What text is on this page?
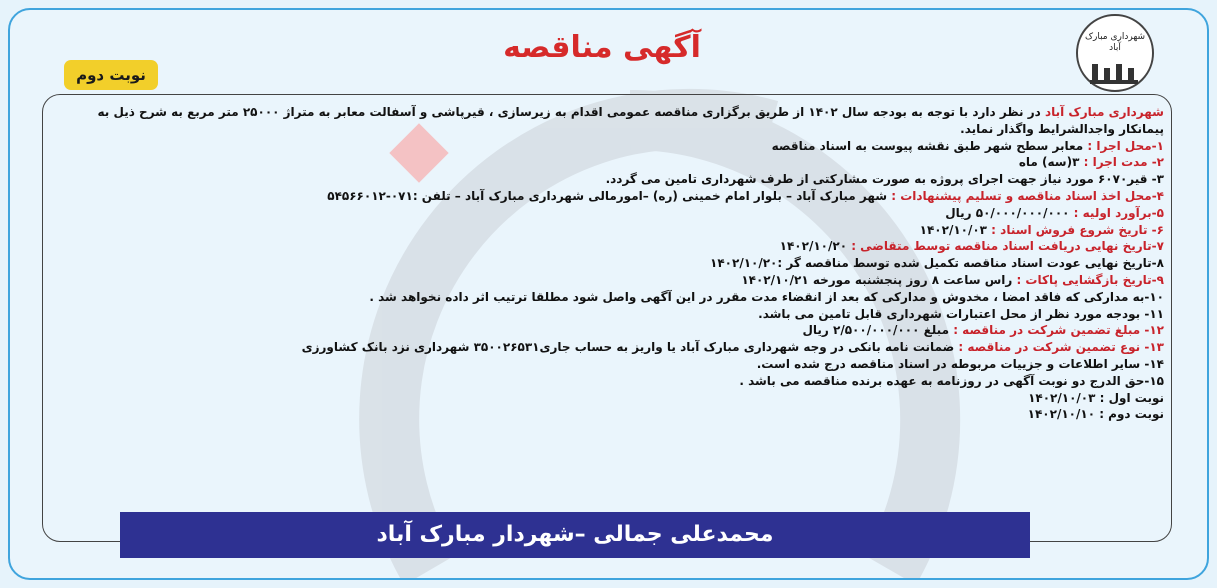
شهرداری مبارک آباد
آگهی مناقصه
نوبت دوم
شهرداری مبارک آباد در نظر دارد با توجه به بودجه سال ۱۴۰۲ از طریق برگزاری مناقصه عمومی اقدام به زیرسازی ، قیرپاشی و آسفالت معابر به متراژ ۲۵۰۰۰ متر مربع به شرح ذیل به پیمانکار واجدالشرایط واگذار نماید.
۱-محل اجرا : معابر سطح شهر طبق نقشه پیوست به اسناد مناقصه
۲- مدت اجرا : ۳(سه) ماه
۳- قیر۶۰۷۰ مورد نیاز جهت اجرای پروژه به صورت مشارکتی از طرف شهرداری تامین می گردد.
۴-محل اخذ اسناد مناقصه و تسلیم پیشنهادات : شهر مبارک آباد – بلوار امام خمینی (ره) –امورمالی شهرداری مبارک آباد – تلفن :۰۷۱-۵۴۵۶۶۰۱۲
۵-برآورد اولیه : ۵۰/۰۰۰/۰۰۰/۰۰۰ ریال
۶- تاریخ شروع فروش اسناد : ۱۴۰۲/۱۰/۰۳
۷-تاریخ نهایی دریافت اسناد مناقصه توسط متقاضی : ۱۴۰۲/۱۰/۲۰
۸-تاریخ نهایی عودت اسناد مناقصه تکمیل شده توسط مناقصه گر :۱۴۰۲/۱۰/۲۰
۹-تاریخ بازگشایی پاکات : راس ساعت ۸ روز پنجشنبه مورخه ۱۴۰۲/۱۰/۲۱
۱۰-به مدارکی که فاقد امضا ، مخدوش و مدارکی که بعد از انقضاء مدت مقرر در این آگهی واصل شود مطلقا ترتیب اثر داده نخواهد شد .
۱۱- بودجه مورد نظر از محل اعتبارات شهرداری قابل تامین می باشد.
۱۲- مبلغ تضمین شرکت در مناقصه : مبلغ ۲/۵۰۰/۰۰۰/۰۰۰ ریال
۱۳- نوع تضمین شرکت در مناقصه : ضمانت نامه بانکی در وجه شهرداری مبارک آباد یا واریز به حساب جاری۳۵۰۰۲۶۵۳۱ شهرداری نزد بانک کشاورزی
۱۴- سایر اطلاعات و جزییات مربوطه در اسناد مناقصه درج شده است.
۱۵-حق الدرج دو نوبت آگهی در روزنامه به عهده برنده مناقصه می باشد .
نوبت اول : ۱۴۰۲/۱۰/۰۳
نوبت دوم : ۱۴۰۲/۱۰/۱۰
محمدعلی جمالی –شهردار مبارک آباد
